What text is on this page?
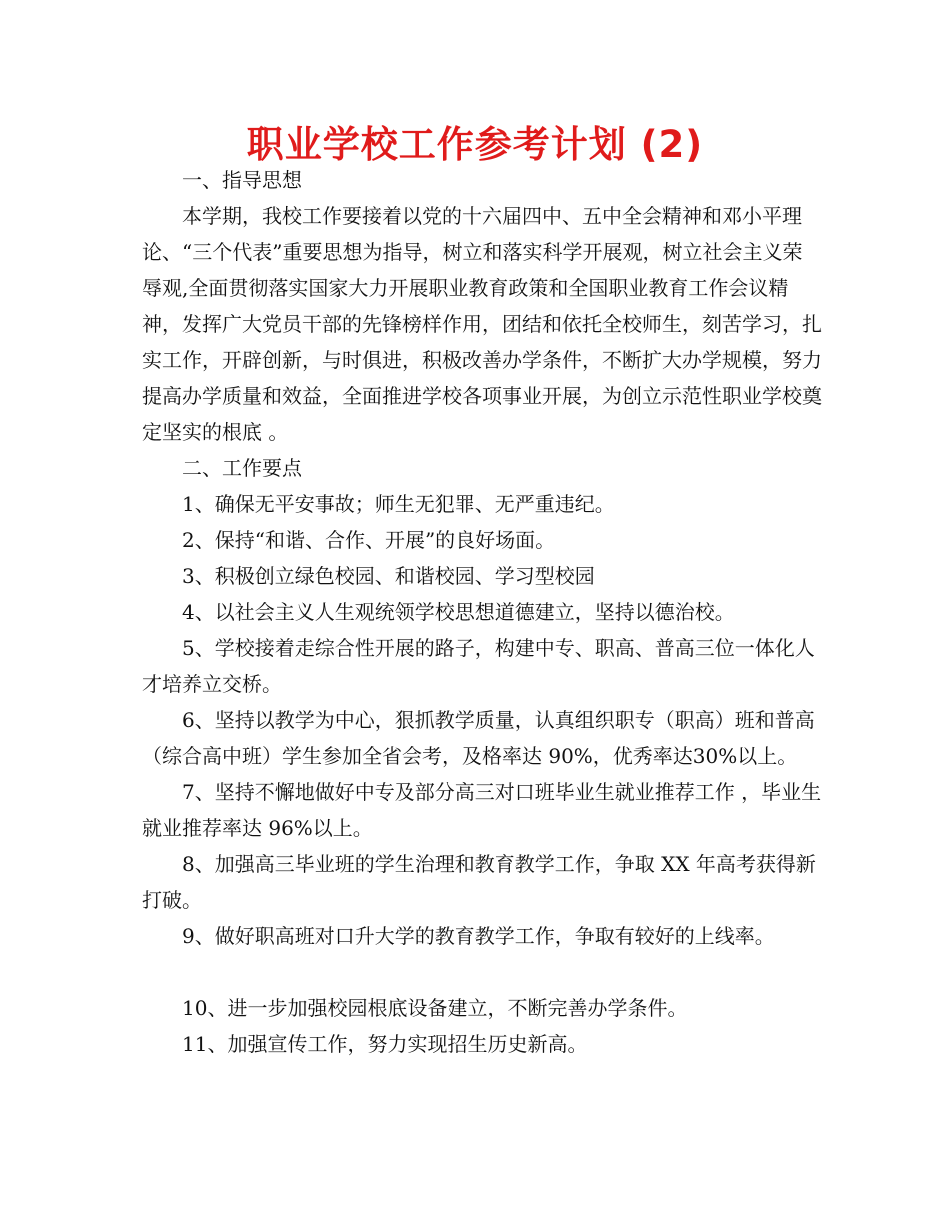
职业学校工作参考计划 (2)

一、指导思想

本学期，我校工作要接着以党的十六届四中、五中全会精神和邓小平理论、“三个代表”重要思想为指导，树立和落实科学开展观，树立社会主义荣辱观,全面贯彻落实国家大力开展职业教育政策和全国职业教育工作会议精神，发挥广大党员干部的先锋榜样作用，团结和依托全校师生，刻苦学习，扎实工作，开辟创新，与时俱进，积极改善办学条件，不断扩大办学规模，努力提高办学质量和效益，全面推进学校各项事业开展，为创立示范性职业学校奠定坚实的根底 。

二、工作要点

1、确保无平安事故；师生无犯罪、无严重违纪。

2、保持“和谐、合作、开展”的良好场面。

3、积极创立绿色校园、和谐校园、学习型校园

4、以社会主义人生观统领学校思想道德建立，坚持以德治校。

5、学校接着走综合性开展的路子，构建中专、职高、普高三位一体化人才培养立交桥。

6、坚持以教学为中心，狠抓教学质量，认真组织职专（职高）班和普高（综合高中班）学生参加全省会考，及格率达 90%，优秀率达30%以上。

7、坚持不懈地做好中专及部分高三对口班毕业生就业推荐工作 ，毕业生就业推荐率达 96%以上。

8、加强高三毕业班的学生治理和教育教学工作，争取 XX 年高考获得新打破。

9、做好职高班对口升大学的教育教学工作，争取有较好的上线率。

10、进一步加强校园根底设备建立，不断完善办学条件。

11、加强宣传工作，努力实现招生历史新高。
